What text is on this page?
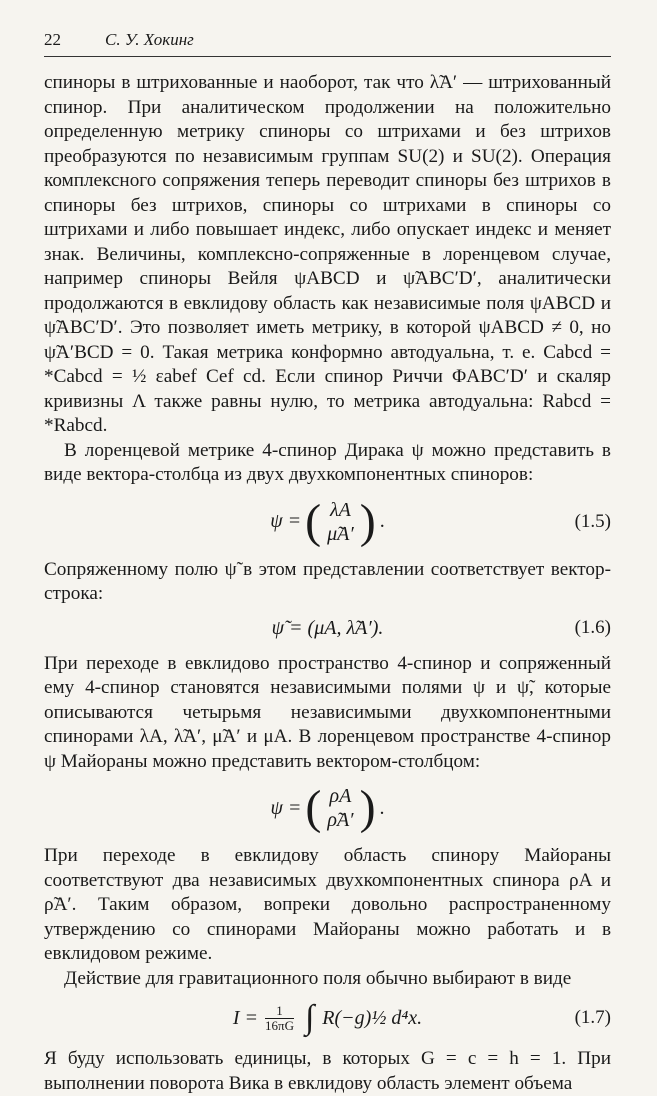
22	С. У. Хокинг

спиноры в штрихованные и наоборот, так что λ̃A′ — штрихованный спинор. При аналитическом продолжении на положительно определенную метрику спиноры со штрихами и без штрихов преобразуются по независимым группам SU(2) и SU(2). Операция комплексного сопряжения теперь переводит спиноры без штрихов в спиноры без штрихов, спиноры со штрихами в спиноры со штрихами и либо повышает индекс, либо опускает индекс и меняет знак. Величины, комплексно-сопряженные в лоренцевом случае, например спиноры Вейля ψABCD и ψ̃ABC′D′, аналитически продолжаются в евклидову область как независимые поля ψABCD и ψ̃ABC′D′. Это позволяет иметь метрику, в которой ψABCD ≠ 0, но ψ̃A′BCD = 0. Такая метрика конформно автодуальна, т. е. Cabcd = *Cabcd = ½ εabef Cef cd. Если спинор Риччи ΦABC′D′ и скаляр кривизны Λ также равны нулю, то метрика автодуальна: Rabcd = *Rabcd.

В лоренцевой метрике 4-спинор Дирака ψ можно представить в виде вектора-столбца из двух двухкомпонентных спиноров:

ψ = ( λA
μ̃A′ ) .	(1.5)

Сопряженному полю ψ̃ в этом представлении соответствует вектор-строка:

ψ̃ = (μA, λ̃A′).	(1.6)

При переходе в евклидово пространство 4-спинор и сопряженный ему 4-спинор становятся независимыми полями ψ и ψ̃, которые описываются четырьмя независимыми двухкомпонентными спинорами λA, λ̃A′, μ̃A′ и μA. В лоренцевом пространстве 4-спинор ψ Майораны можно представить вектором-столбцом:

ψ = ( ρA
ρ̃A′ ) .

При переходе в евклидову область спинору Майораны соответствуют два независимых двухкомпонентных спинора ρA и ρ̃A′. Таким образом, вопреки довольно распространенному утверждению со спинорами Майораны можно работать и в евклидовом режиме.

Действие для гравитационного поля обычно выбирают в виде

$I = \frac{1}{16\pi G}$ ∫ R(−g)½ d⁴x.	(1.7)

Я буду использовать единицы, в которых G = c = h = 1. При выполнении поворота Вика в евклидову область элемент объема
